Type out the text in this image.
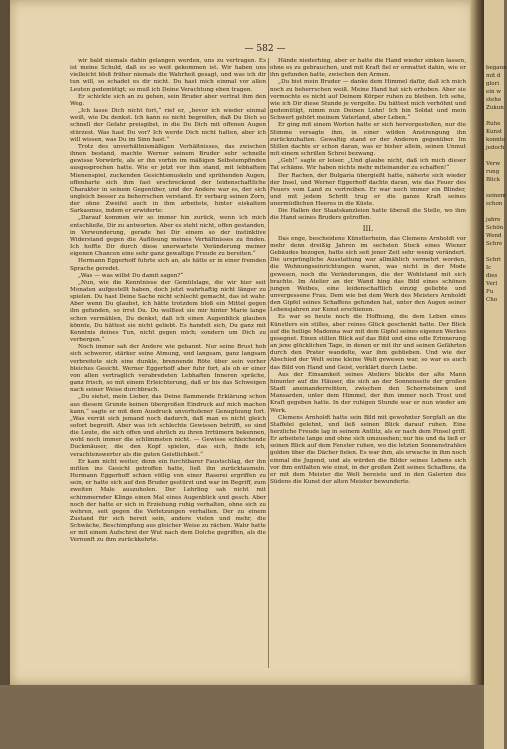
— 582 —

wir bald niemals dahin gelangen werden, uns zu vertragen. Es ist meine Schuld, daß es so weit gekommen ist. Wir haben uns vielleicht bloß früher niemals die Wahrheit gesagt, und was ich dir tun will, so schadet es dir nicht. Du hast mich einmal vor allen Leuten gedemütigt; so muß ich Deine Verachtung eben tragen.

Er schickte sich an zu gehen, sein Bruder aber vertrat ihm den Weg.

„Ich lasse Dich nicht fort,“ rief er, „bevor ich wieder einmal weiß, wie Du denkst. Ich kann es nicht begreifen, daß Du Dich so schnell der Gefahr preisgibst, in die Du Dich mit offenen Augen stürzest. Was hast Du vor? Ich werde Dich nicht halten, aber ich will wissen, was Du im Sinn hast.“

Trotz des unverhältnismäßigen Verhältnisses, das zwischen ihnen bestand, machte Werner seinem Bruder sehr schnelle gewisse Vorwürfe, als er ihn vorhin im mäßigen Selbstempfinden ausgesprochen hatte. Wie er jetzt vor ihm stand, mit lebhaftem Mienenspiel, zuckenden Gesichtsmuskeln und sprühenden Augen, offenbarte sich ihm fast erschreckend der leidenschaftliche Charakter in seinem Gegenüber, und der Andere war es, der sich ungleich besser zu beherrschen verstand. Er verbarg seinen Zorn, der ohne Zweifel auch in ihm arbeitete, hinter eiskaltem Sarkasmus, indem er erwiderte:

„Darauf kommen wir so immer hin zurück, wenn ich mich entschließe, Dir zu antworten. Aber es steht nicht, offen gestanden, in Verwunderung, gerade bei Dir einem so der instinktive Widerstand gegen die Auflösung meines Verhältnisses zu finden. Ich hoffte Dir durch diese unerwartete Veränderung meiner eigenen Chancen eine sehr ganz gewaltige Freude zu bereiten.“

Hermann Eggerhoff fuhrte sich an, als hätte er in einer fremden Sprache geredet.

„Was — was willst Du damit sagen?“

„Nun, wie die Kenntnisse der Gemütslage, die wir hier seit Monaten aufgestellt haben, doch jetzt wahrhaftig nicht länger zu spielen. Du hast Deine Sache nicht schlecht gemacht, das ist wahr. Aber wenn Du glaubst, ich hätte trotzdem bloß ein Mittel gegen ihn gefunden, so irrst Du. Du wolltest sie mir hinter Marie lange schon vermählen, Du denkst, daß ich einen Augenblick glauben könnte, Du hättest sie nicht geliebt. Es handelt sich, Du ganz mit Kenntnis deines Tun, nicht gegen mich; sondern um Dich zu verbergen.“

Noch immer sah der Andere wie gebannt. Nur seine Brust hob sich schwerer, stärker seine Atmung, und langsam, ganz langsam verbreitete sich eine dunkle, brennende Röte über sein vorher bleiches Gesicht. Werner Eggerhoff aber fuhr fort, als ob er einer von allen vertraglich verabredeten Lebhaften Inneren spräche, ganz frisch, so mit einem Erleichterung, daß er bis das Schweigen nach seiner Weise durchbrach.

„Du siehst, mein Lieber, das Deine flammende Erklärung schon aus diesem Grunde keinen übergroßen Eindruck auf mich machen kann,“ sagte er mit dem Ausdruck unverholener Genugtuung fort. „Was verrät sich jemand noch dadurch, daß man es nicht gleich sofort begreift. Aber was ich schlechte Gewissen betrifft, so sind die Leute, die sich offen und ehrlich zu ihren Irrtümern bekennen, wohl noch immer die schlimmsten nicht. — Gewisse schleichende Duckmäuser, die den Kopf spielen, das sich, finde ich, verachtenswerter als die guten Geistlichkeit.“

Er kam nicht weiter, denn ein furchtbarer Faustschlag, der ihn mitten ins Gesicht getroffen hatte, ließ ihn zurücktaumeln. Hermann Eggerhoff schien völlig von einer Raserei ergriffen zu sein, er hatte sich auf den Bruder gestürzt und war im Begriff, zum zweiten Male auszuholen. Der Lehrling sah nicht mit schimmernder Klinge einen Mal eines Augenblick und gesch. Aber noch der hatte er sich in Erziehung ruhig verhalten, ohne sich zu wehren, seit gegen die Verletzungen verhalten. Der zu einem Zustand für sich bereit sein, andere vielen und mehr, die Schwäche, Beschimpfung aus gleicher Weise zu rächen. Wahr hatte er mit einem Aufschrei der Wut nach dem Dolche gegriffen, als die Vernunft zu ihm zurückkehrte.

Hände niederhing, aber er hatte die Hand wieder sinken lassen, ohne es zu gebrauchen, und mit Kraft fiel er ermattet dahin, wie er ihn gefunden hatte, zwischen den Armen.

„Du bist mein Bruder — danke dem Himmel dafür, daß ich mich noch zu beherrschen weiß. Meine Hand hat sich erhoben. Aber sie vermochte es nicht auf Deinem Körper ruhen zu bleiben. Ich sehe, wie ich Dir diese Stunde je vergelte. Du hättest mich verhöhnt und gedemütigt, nimm nun Deinen Lohn! Ich bin Soldat und mein Schwert gehört meinem Vaterland, aber Leben.“

Er ging mit einem Worten hatte er sich hervorgestoßen, nur die Stimme versagte ihm, in einer wilden Anstrengung ihn zurückzuhalten. Gewaltig stand er der Anderen gegenüber. Im Stillen dachte er schon daran, was er bisher allein, seinen Unmut mit einem schrillen Schrei bezwang.

„Geh!“ sagte er leiser. „Und glaube nicht, daß ich mich dieser Tat schäme. Wir haben nichts mehr miteinander zu schaffen!“

Der Rachen, der Bulgaria übergießt hatte, näherte sich wieder der Insel, und Werner Eggerhoff dachte daran, wie das Feuer des Feuers vom Land zu vertreiben. Er war noch immer ein Blinder, und mit jedem Schritt trug er die ganze Kraft seines unermüdlichen Heeres in die Küste.

Die Hallen der Staatskanzleien hatte überall die Stelle, wo ihm die Hand seines Bruders getroffen.

III.

Das enge, bescheidene Künstlerheim, das Clemens Arnholdt vor mehr denn dreißig Jahren im sechsten Stock eines Wiener Gebäudes bezogen, hatte sich seit jener Zeit sehr wenig verändert. Die ursprüngliche Ausstattung war allmählich vermehrt worden, die Wohnungseinrichtungen waren, was nicht in der Mode gewesen, noch die Veränderungen, die der Wohlstand mit sich brachte. Im Atelier an der Wand hing das Bild eines schönen jungen Weibes, eine leidenschaftlich einzig geliebte und unvergessene Frau. Dem wie bei dem Werk des Meisters Arnholdt den Gipfel seines Schaffens gefunden hat, unter den Augen seiner Lebensjahren zur Kunst erschienen.

Es war so heute noch die Hoffnung, die dem Leben eines Künstlers ein stilles, aber reines Glück geschenkt hatte. Der Blick auf die heilige Madonna war mit dem Gipfel seines eigenen Werkes gesegnet. Einen stillen Blick auf das Bild und eine edle Erinnerung an jene glücklichen Tage, in denen er mit ihr und seinen Gefährten durch den Prater wandelte, war ihm geblieben. Und wie der Abschied der Welt seine kleine Welt gewesen war, so war es auch das Bild von Hand und Geist, verklärt durch Liebe.

Aus der Einsamkeit seines Ateliers blickte der alte Mann hinunter auf die Häuser, die sich an der Sonnenseite der großen Stadt aneinanderreihten, zwischen den Schornsteinen und Mansarden, unter dem Himmel, der ihm immer noch Trost und Kraft gegeben hatte. In der ruhigen Stunde war er nun wieder am Werk.

Clemens Arnholdt hatte sein Bild mit gewohnter Sorgfalt an die Staffelei gelehnt, und ließ seinen Blick darauf ruhen. Eine herzliche Freude lag in seinem Antlitz, als er nach dem Pinsel griff. Er arbeitete lange und ohne sich umzusehen; nur hie und da ließ er seinen Blick auf dem Fenster ruhen, wo die letzten Sonnenstrahlen golden über die Dächer fielen. Es war ihm, als erwache in ihm noch einmal die Jugend, und als würden die Bilder seines Lebens sich vor ihm entfalten wie einst, in der großen Zeit seines Schaffens, da er mit dem Meister die Welt bereiste und in den Galerien des Südens die Kunst der alten Meister bewunderte.

begann
mit d
glori
ein w
stehe
Zukun

Ruhe
Kunst
konnte
jedoch

Verw
rung
Blick

seinem
schon

jahre
Schön
Wend
Schre

Schri
Ic
dies
Verl
Fu
Cho
